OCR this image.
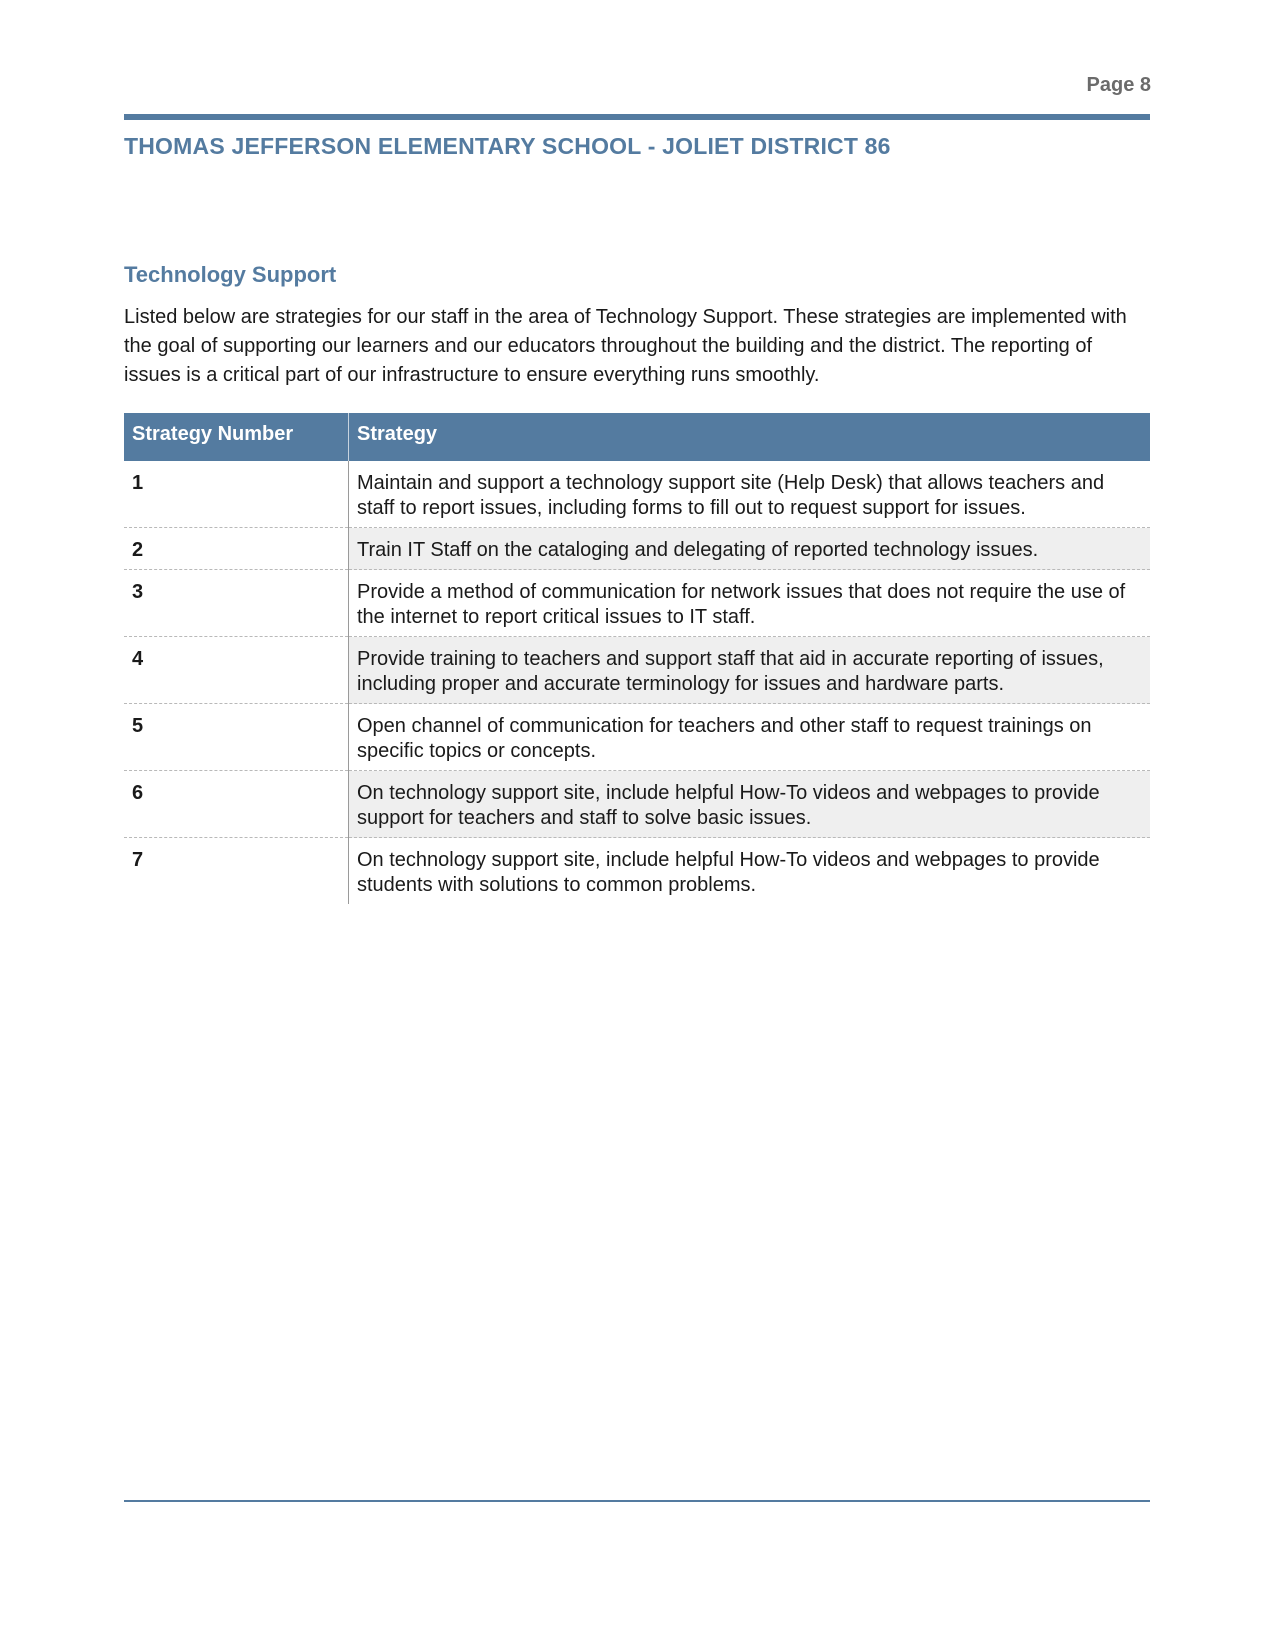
Page 8
THOMAS JEFFERSON ELEMENTARY SCHOOL - JOLIET DISTRICT 86
Technology Support
Listed below are strategies for our staff in the area of Technology Support. These strategies are implemented with the goal of supporting our learners and our educators throughout the building and the district. The reporting of issues is a critical part of our infrastructure to ensure everything runs smoothly.
Strategy Number	Strategy
1	Maintain and support a technology support site (Help Desk) that allows teachers and staff to report issues, including forms to fill out to request support for issues.
2	Train IT Staff on the cataloging and delegating of reported technology issues.
3	Provide a method of communication for network issues that does not require the use of the internet to report critical issues to IT staff.
4	Provide training to teachers and support staff that aid in accurate reporting of issues, including proper and accurate terminology for issues and hardware parts.
5	Open channel of communication for teachers and other staff to request trainings on specific topics or concepts.
6	On technology support site, include helpful How-To videos and webpages to provide support for teachers and staff to solve basic issues.
7	On technology support site, include helpful How-To videos and webpages to provide students with solutions to common problems.
